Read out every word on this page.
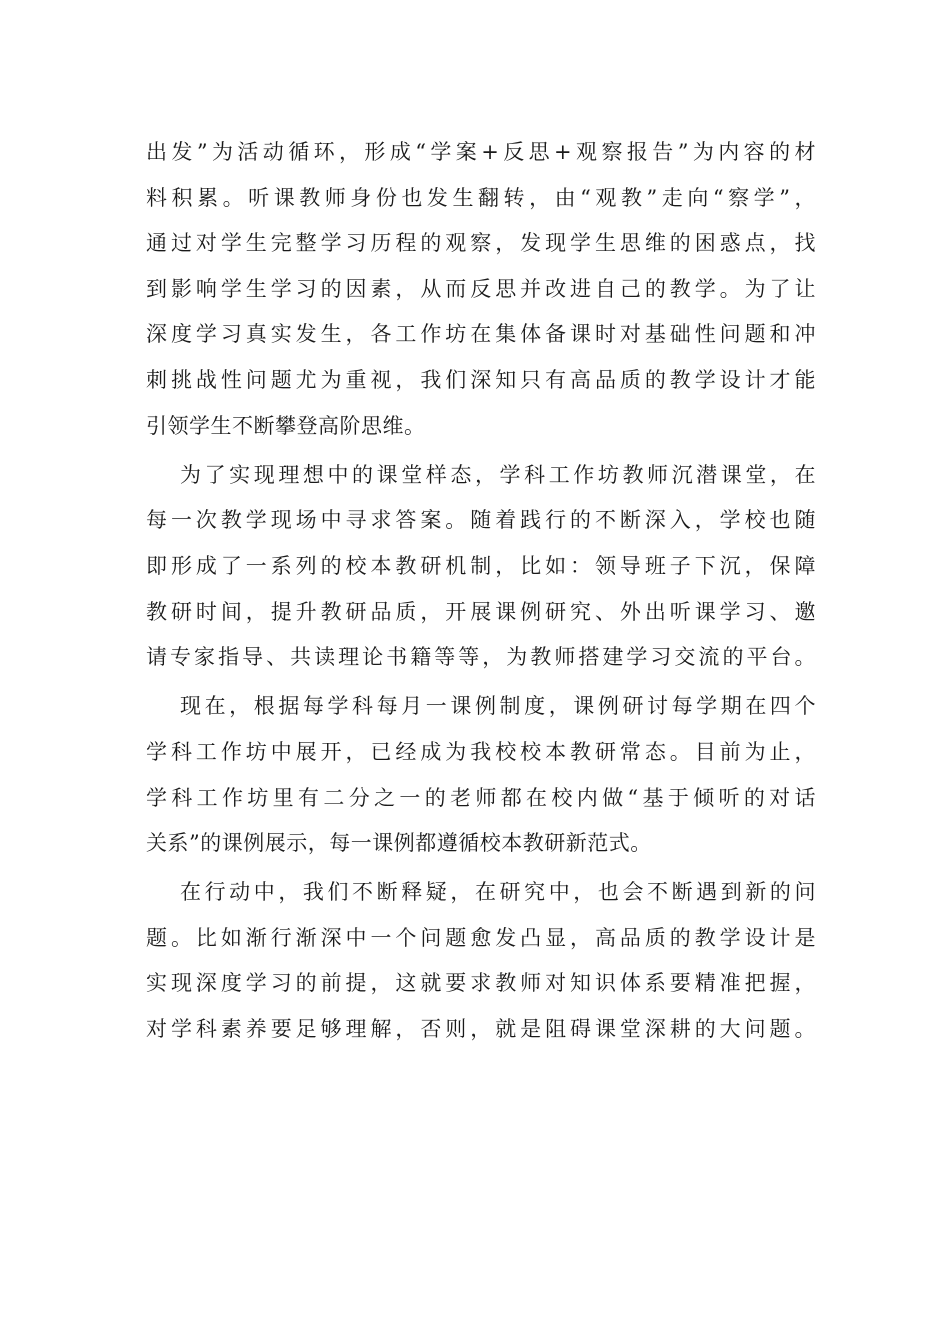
出发”为活动循环，形成“学案+反思+观察报告”为内容的材
料积累。听课教师身份也发生翻转，由“观教”走向“察学”，
通过对学生完整学习历程的观察，发现学生思维的困惑点，找
到影响学生学习的因素，从而反思并改进自己的教学。为了让
深度学习真实发生，各工作坊在集体备课时对基础性问题和冲
刺挑战性问题尤为重视，我们深知只有高品质的教学设计才能
引领学生不断攀登高阶思维。

为了实现理想中的课堂样态，学科工作坊教师沉潜课堂，在
每一次教学现场中寻求答案。随着践行的不断深入，学校也随
即形成了一系列的校本教研机制，比如：领导班子下沉，保障
教研时间，提升教研品质，开展课例研究、外出听课学习、邀
请专家指导、共读理论书籍等等，为教师搭建学习交流的平台。

现在，根据每学科每月一课例制度，课例研讨每学期在四个
学科工作坊中展开，已经成为我校校本教研常态。目前为止，
学科工作坊里有二分之一的老师都在校内做“基于倾听的对话
关系”的课例展示，每一课例都遵循校本教研新范式。

在行动中，我们不断释疑，在研究中，也会不断遇到新的问
题。比如渐行渐深中一个问题愈发凸显，高品质的教学设计是
实现深度学习的前提，这就要求教师对知识体系要精准把握，
对学科素养要足够理解，否则，就是阻碍课堂深耕的大问题。
